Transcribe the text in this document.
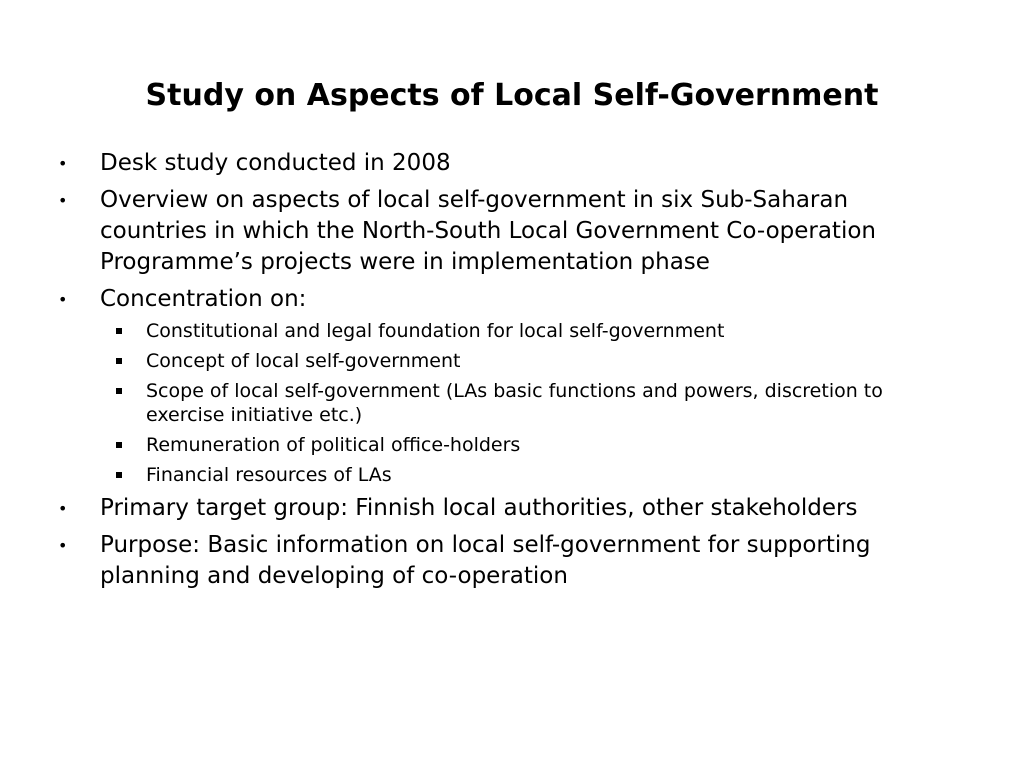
Study on Aspects of Local Self-Government
•	Desk study conducted in 2008
•	Overview on aspects of local self-government in six Sub-Saharan countries in which the North-South Local Government Co-operation Programme’s projects were in implementation phase
•	Concentration on:
Constitutional and legal foundation for local self-government
Concept of local self-government
Scope of local self-government (LAs basic functions and powers, discretion to exercise initiative etc.)
Remuneration of political office-holders
Financial resources of LAs
•	Primary target group: Finnish local authorities, other stakeholders
•	Purpose: Basic information on local self-government for supporting planning and developing of co-operation
